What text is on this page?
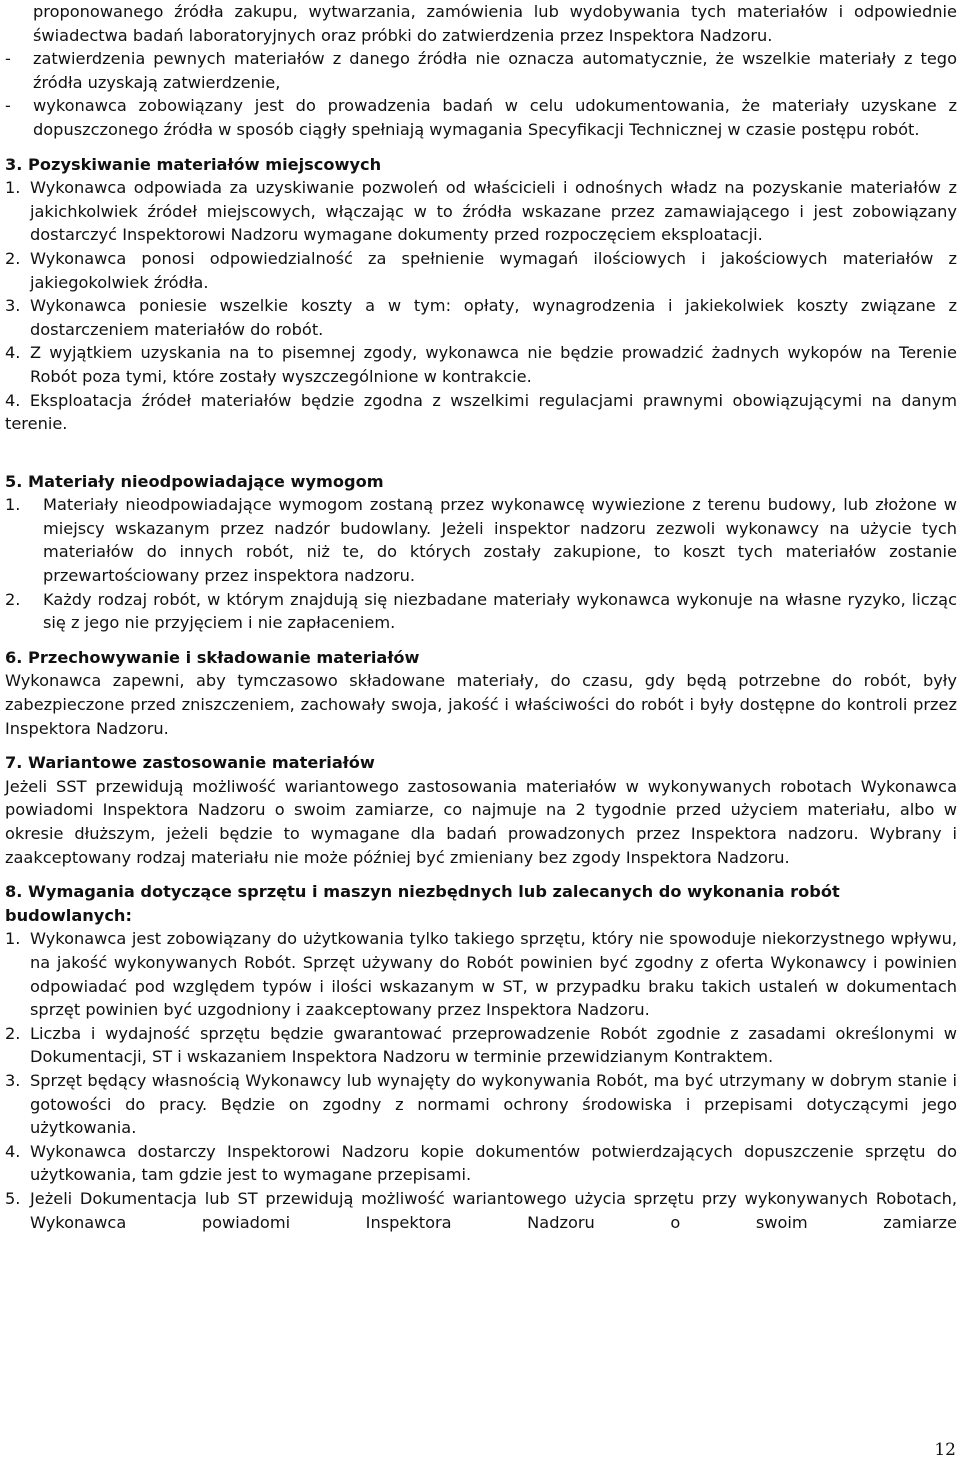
proponowanego źródła zakupu, wytwarzania, zamówienia lub wydobywania tych materiałów i odpowiednie świadectwa badań laboratoryjnych oraz próbki do zatwierdzenia przez Inspektora Nadzoru.

-	zatwierdzenia pewnych materiałów z danego źródła nie oznacza automatycznie, że wszelkie materiały z tego źródła uzyskają zatwierdzenie,
-	wykonawca zobowiązany jest do prowadzenia badań w celu udokumentowania, że materiały uzyskane z dopuszczonego źródła w sposób ciągły spełniają wymagania Specyfikacji Technicznej w czasie postępu robót.
3. Pozyskiwanie materiałów miejscowych
1. Wykonawca odpowiada za uzyskiwanie pozwoleń od właścicieli i odnośnych władz na pozyskanie materiałów z jakichkolwiek źródeł miejscowych, włączając w to źródła wskazane przez zamawiającego i jest zobowiązany dostarczyć Inspektorowi Nadzoru wymagane dokumenty przed rozpoczęciem eksploatacji.
2. Wykonawca ponosi odpowiedzialność za spełnienie wymagań ilościowych i jakościowych materiałów z jakiegokolwiek źródła.
3. Wykonawca poniesie wszelkie koszty a w tym: opłaty, wynagrodzenia i jakiekolwiek koszty związane z dostarczeniem materiałów do robót.
4. Z wyjątkiem uzyskania na to pisemnej zgody, wykonawca nie będzie prowadzić żadnych wykopów na Terenie Robót poza tymi, które zostały wyszczególnione w kontrakcie.

4. Eksploatacja źródeł materiałów będzie zgodna z wszelkimi regulacjami prawnymi obowiązującymi na danym terenie.

5. Materiały nieodpowiadające wymogom
1.	Materiały nieodpowiadające wymogom zostaną przez wykonawcę wywiezione z terenu budowy, lub złożone w miejscy wskazanym przez nadzór budowlany. Jeżeli inspektor nadzoru zezwoli wykonawcy na użycie tych materiałów do innych robót, niż te, do których zostały zakupione, to koszt tych materiałów zostanie przewartościowany przez inspektora nadzoru.
2.	Każdy rodzaj robót, w którym znajdują się niezbadane materiały wykonawca wykonuje na własne ryzyko, licząc się z jego nie przyjęciem i nie zapłaceniem.
6. Przechowywanie i składowanie materiałów

Wykonawca zapewni, aby tymczasowo składowane materiały, do czasu, gdy będą potrzebne do robót, były zabezpieczone przed zniszczeniem, zachowały swoja, jakość i właściwości do robót i były dostępne do kontroli przez Inspektora Nadzoru.

7. Wariantowe zastosowanie materiałów

Jeżeli SST przewidują możliwość wariantowego zastosowania materiałów w wykonywanych robotach Wykonawca powiadomi Inspektora Nadzoru o swoim zamiarze, co najmuje na 2 tygodnie przed użyciem materiału, albo w okresie dłuższym, jeżeli będzie to wymagane dla badań prowadzonych przez Inspektora nadzoru. Wybrany i zaakceptowany rodzaj materiału nie może później być zmieniany bez zgody Inspektora Nadzoru.

8. Wymagania dotyczące sprzętu i maszyn niezbędnych lub zalecanych do wykonania robót budowlanych:
1. Wykonawca jest zobowiązany do użytkowania tylko takiego sprzętu, który nie spowoduje niekorzystnego wpływu, na jakość wykonywanych Robót. Sprzęt używany do Robót powinien być zgodny z oferta Wykonawcy i powinien odpowiadać pod względem typów i ilości wskazanym w ST, w przypadku braku takich ustaleń w dokumentach sprzęt powinien być uzgodniony i zaakceptowany przez Inspektora Nadzoru.
2. Liczba i wydajność sprzętu będzie gwarantować przeprowadzenie Robót zgodnie z zasadami określonymi w Dokumentacji, ST i wskazaniem Inspektora Nadzoru w terminie przewidzianym Kontraktem.
3. Sprzęt będący własnością Wykonawcy lub wynajęty do wykonywania Robót, ma być utrzymany w dobrym stanie i gotowości do pracy. Będzie on zgodny z normami ochrony środowiska i przepisami dotyczącymi jego użytkowania.
4. Wykonawca dostarczy Inspektorowi Nadzoru kopie dokumentów potwierdzających dopuszczenie sprzętu do użytkowania, tam gdzie jest to wymagane przepisami.
5. Jeżeli Dokumentacja lub ST przewidują możliwość wariantowego użycia sprzętu przy wykonywanych Robotach, Wykonawca powiadomi Inspektora Nadzoru o swoim zamiarze
12
